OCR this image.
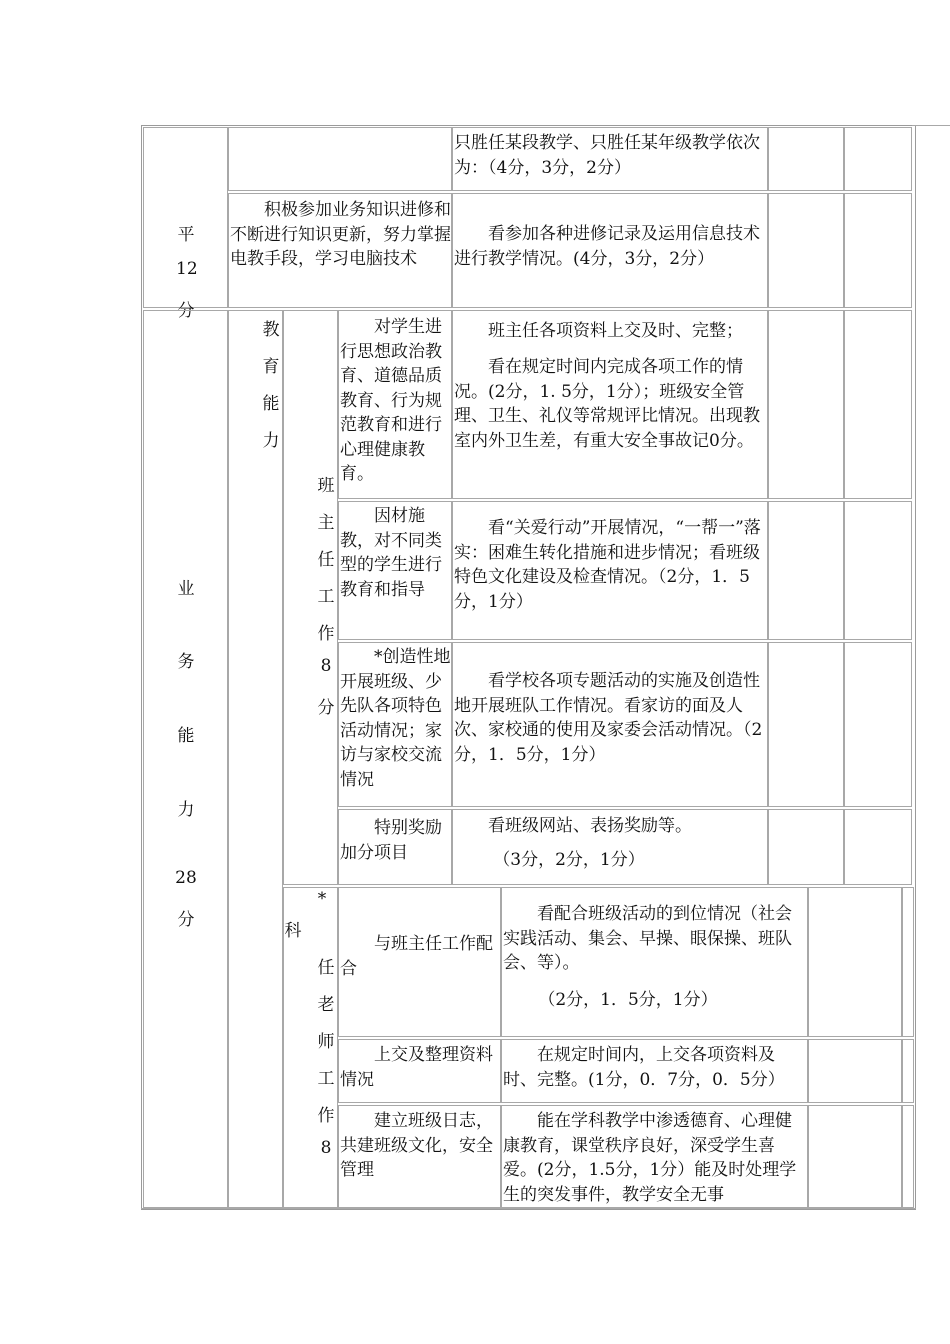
平
12
分
只胜任某段教学、只胜任某年级教学依次为：（4分，3分，2分）
积极参加业务知识进修和不断进行知识更新，努力掌握电教手段，学习电脑技术
看参加各种进修记录及运用信息技术进行教学情况。(4分，3分，2分）
业
务
能
力
28
分
教
育
能
力
班
主
任
工
作
8
分
对学生进行思想政治教育、道德品质教育、行为规范教育和进行心理健康教育。
班主任各项资料上交及时、完整；
看在规定时间内完成各项工作的情况。(2分，1. 5分，1分）；班级安全管理、卫生、礼仪等常规评比情况。出现教室内外卫生差，有重大安全事故记0分。
因材施教，对不同类型的学生进行教育和指导
看“关爱行动”开展情况，“一帮一”落实：困难生转化措施和进步情况；看班级特色文化建设及检查情况。（2分，1．5分，1分）
*创造性地开展班级、少先队各项特色活动情况；家访与家校交流情况
看学校各项专题活动的实施及创造性地开展班队工作情况。看家访的面及人次、家校通的使用及家委会活动情况。（2分，1．5分，1分）
特别奖励加分项目
看班级网站、表扬奖励等。
（3分，2分，1分）
*
科
任
老
师
工
作
8
与班主任工作配合
看配合班级活动的到位情况（社会实践活动、集会、早操、眼保操、班队会、等）。
（2分，1．5分，1分）
上交及整理资料情况
在规定时间内，上交各项资料及时、完整。(1分，0．7分，0．5分）
建立班级日志，共建班级文化，安全管理
能在学科教学中渗透德育、心理健康教育，课堂秩序良好，深受学生喜爱。(2分，1.5分，1分）能及时处理学生的突发事件，教学安全无事
